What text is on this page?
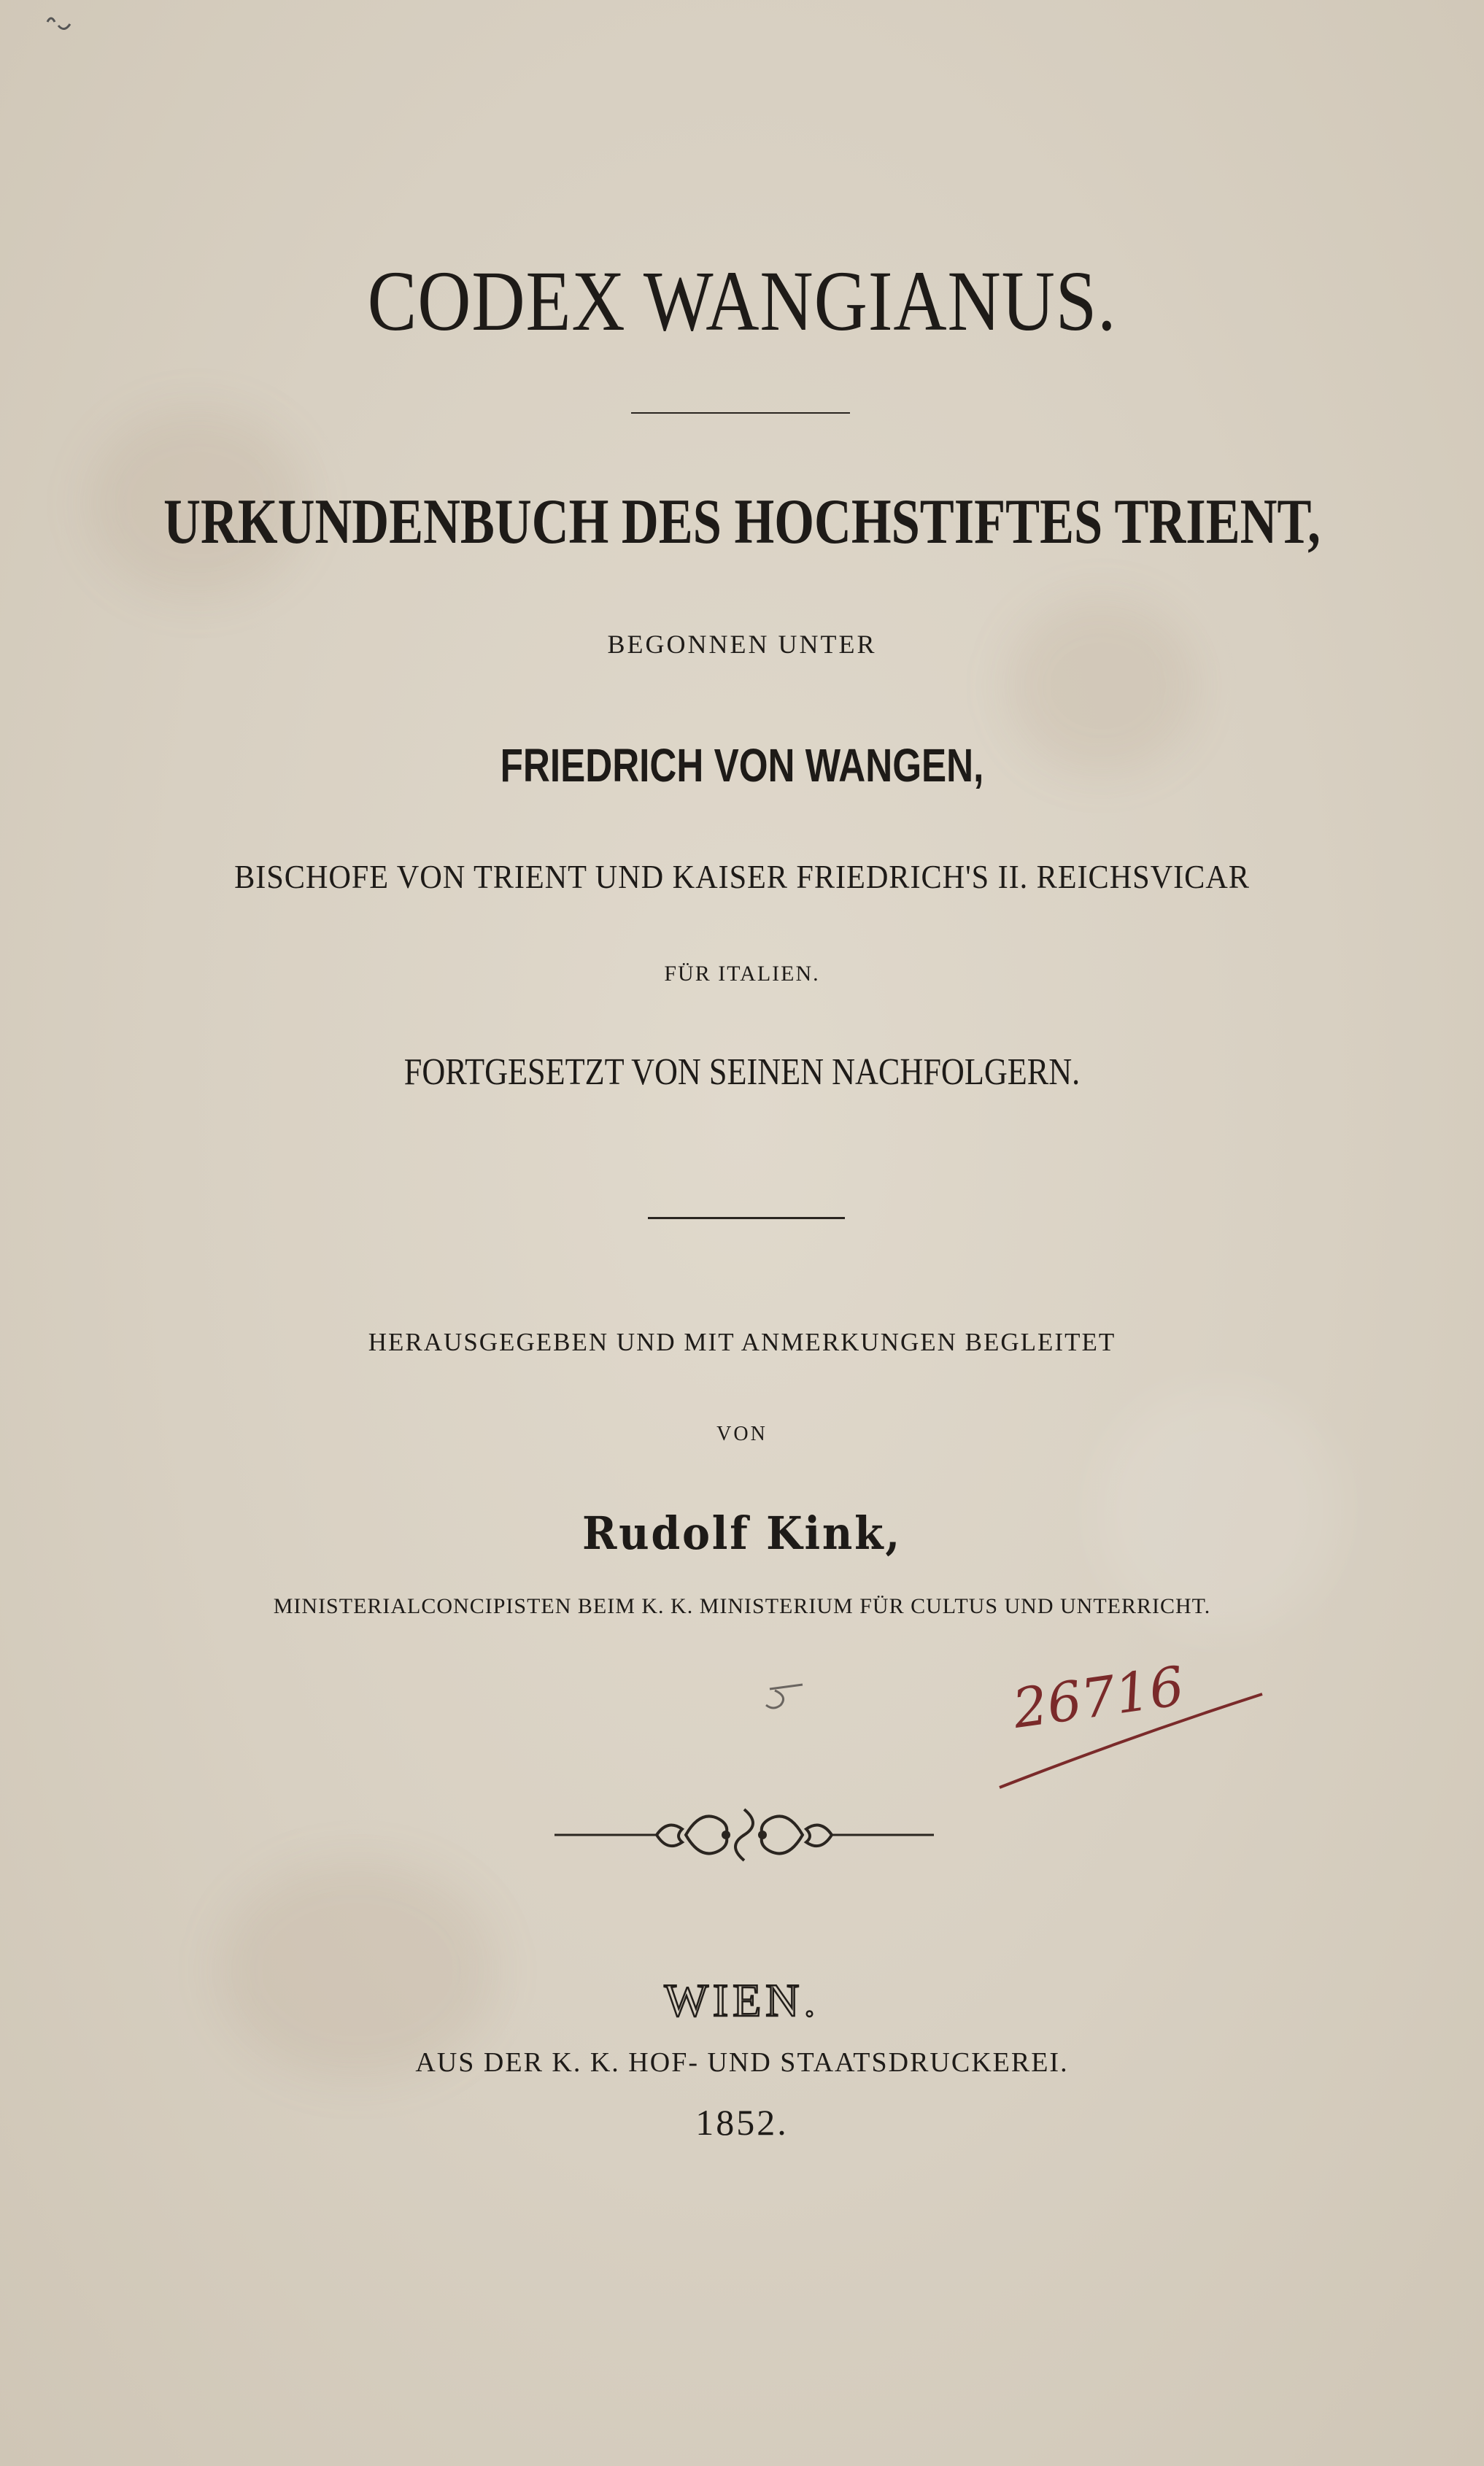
CODEX WANGIANUS.
URKUNDENBUCH DES HOCHSTIFTES TRIENT,

BEGONNEN UNTER

FRIEDRICH VON WANGEN,

BISCHOFE VON TRIENT UND KAISER FRIEDRICH'S II. REICHSVICAR

FÜR ITALIEN.

FORTGESETZT VON SEINEN NACHFOLGERN.

HERAUSGEGEBEN UND MIT ANMERKUNGEN BEGLEITET

VON

Rudolf Kink,

MINISTERIALCONCIPISTEN BEIM K. K. MINISTERIUM FÜR CULTUS UND UNTERRICHT.

26716

WIEN.

AUS DER K. K. HOF- UND STAATSDRUCKEREI.

1852.
